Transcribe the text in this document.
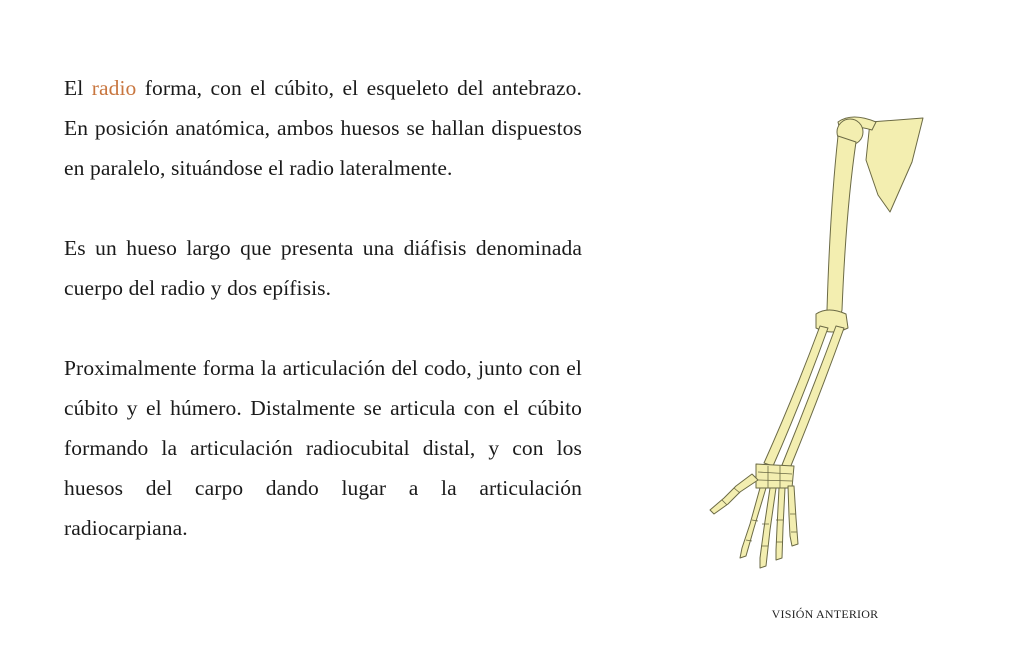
El radio forma, con el cúbito, el esqueleto del antebrazo. En posición anatómica, ambos huesos se hallan dispuestos en paralelo, situándose el radio lateralmente.

Es un hueso largo que presenta una diáfisis denominada cuerpo del radio y dos epífisis.

Proximalmente forma la articulación del codo, junto con el cúbito y el húmero. Distalmente se articula con el cúbito formando la articulación radiocubital distal, y con los huesos del carpo dando lugar a la articulación radiocarpiana.

VISIÓN ANTERIOR
